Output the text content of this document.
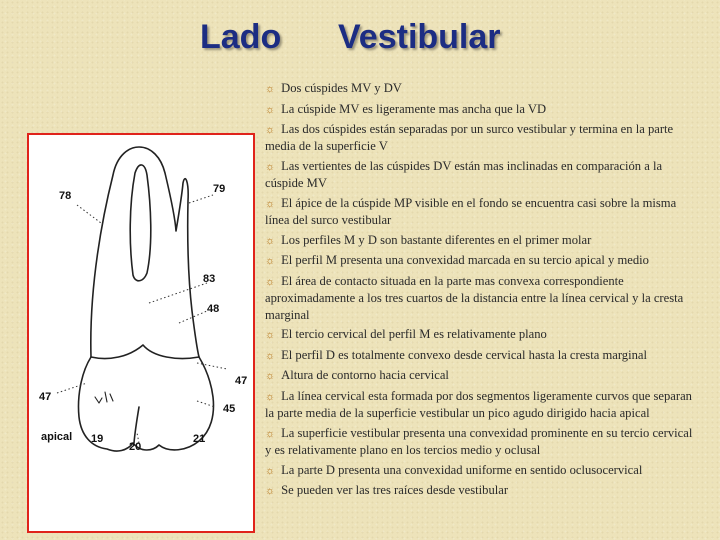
Lado Vestibular
78
79
83
48
47
47
45
apical 19
20
21
☼ Dos cúspides MV y DV
☼ La cúspide MV es ligeramente mas ancha que la VD
☼ Las dos cúspides están separadas por un surco vestibular y termina en la parte media de la superficie V
☼ Las vertientes de las cúspides DV están mas inclinadas en comparación a la cúspide MV
☼ El ápice de la cúspide MP visible en el fondo se encuentra casi sobre la misma línea del surco vestibular
☼ Los perfiles M y D son bastante diferentes en el primer molar
☼ El perfil M presenta una convexidad marcada en su tercio apical y medio
☼ El área de contacto situada en la parte mas convexa correspondiente aproximadamente a los tres cuartos de la distancia entre la línea cervical y la cresta marginal
☼ El tercio cervical del perfil M es relativamente plano
☼ El perfil D es totalmente convexo desde cervical hasta la cresta marginal
☼ Altura de contorno hacia cervical
☼ La línea cervical esta formada por dos segmentos ligeramente curvos que separan la parte media de la superficie vestibular un pico agudo dirigido hacia apical
☼ La superficie vestibular presenta una convexidad prominente en su tercio cervical y es relativamente plano en los tercios medio y oclusal
☼ La parte D presenta una convexidad uniforme en sentido oclusocervical
☼ Se pueden ver las tres raíces desde vestibular
